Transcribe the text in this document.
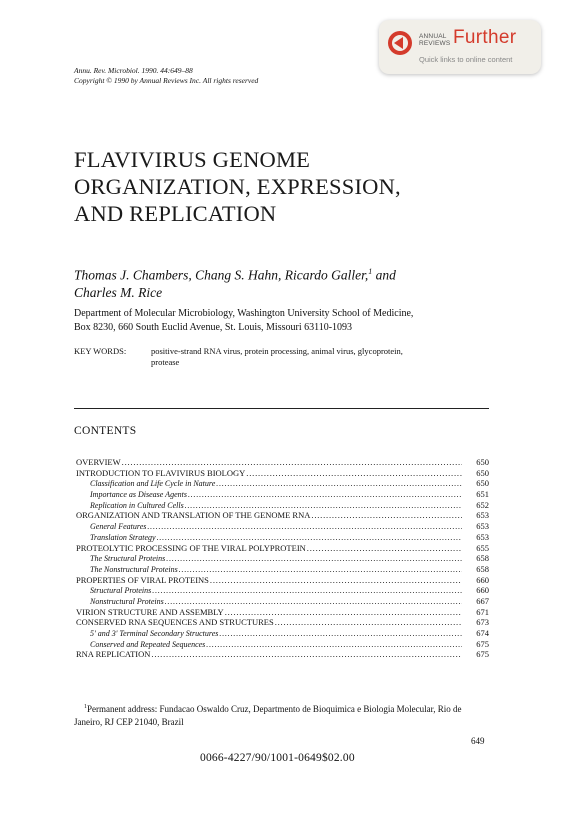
ANNUAL
REVIEWS Further
Quick links to online content
Annu. Rev. Microbiol. 1990. 44:649–88
Copyright © 1990 by Annual Reviews Inc. All rights reserved
FLAVIVIRUS GENOME
ORGANIZATION, EXPRESSION,
AND REPLICATION
Thomas J. Chambers, Chang S. Hahn, Ricardo Galler,$^1$ and
Charles M. Rice
Department of Molecular Microbiology, Washington University School of Medicine,
Box 8230, 660 South Euclid Avenue, St. Louis, Missouri 63110-1093
KEY WORDS:	positive-strand RNA virus, protein processing, animal virus, glycoprotein,
protease
CONTENTS
OVERVIEW .....	650
INTRODUCTION TO FLAVIVIRUS BIOLOGY .....	650
Classification and Life Cycle in Nature .....	650
Importance as Disease Agents .....	651
Replication in Cultured Cells .....	652
ORGANIZATION AND TRANSLATION OF THE GENOME RNA .....	653
General Features .....	653
Translation Strategy .....	653
PROTEOLYTIC PROCESSING OF THE VIRAL POLYPROTEIN .....	655
The Structural Proteins .....	658
The Nonstructural Proteins .....	658
PROPERTIES OF VIRAL PROTEINS .....	660
Structural Proteins .....	660
Nonstructural Proteins .....	667
VIRION STRUCTURE AND ASSEMBLY .....	671
CONSERVED RNA SEQUENCES AND STRUCTURES .....	673
5' and 3' Terminal Secondary Structures .....	674
Conserved and Repeated Sequences .....	675
RNA REPLICATION .....	675
$^1$Permanent address: Fundacao Oswaldo Cruz, Departmento de Bioquimica e Biologia Molecular, Rio de Janeiro, RJ CEP 21040, Brazil
649
0066-4227/90/1001-0649$02.00
